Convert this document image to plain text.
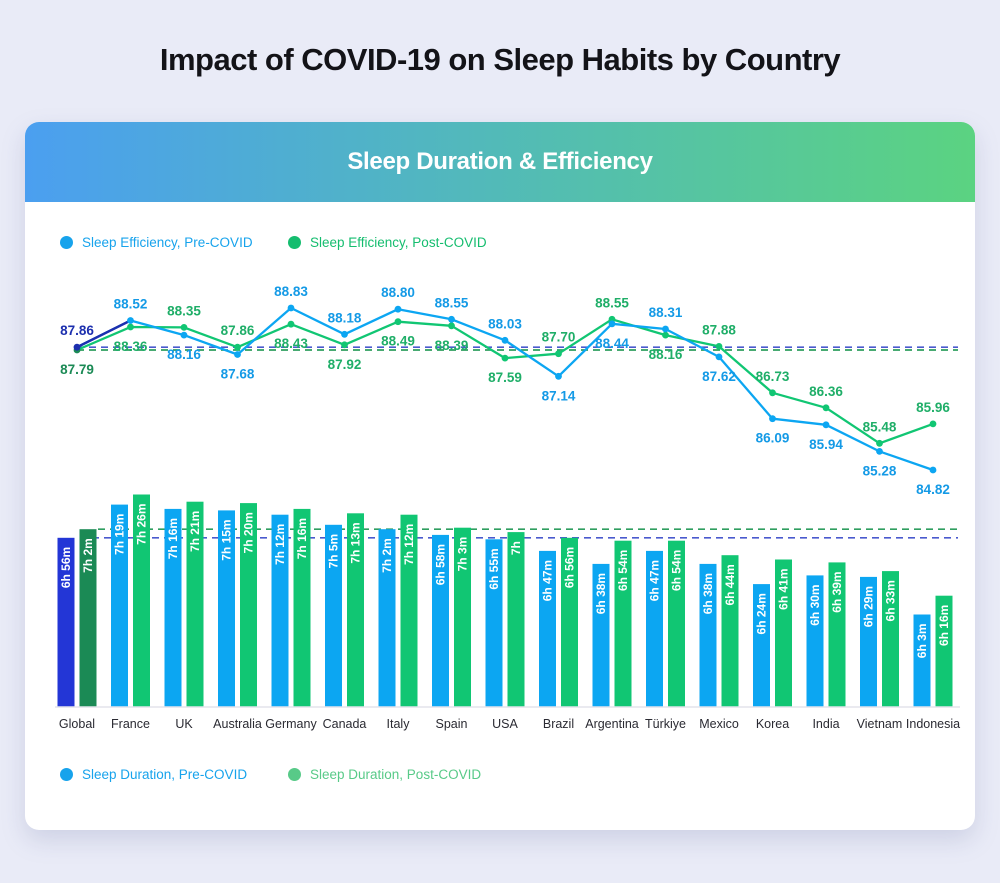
Impact of COVID-19 on Sleep Habits by Country
Sleep Duration & Efficiency
Sleep Efficiency, Pre-COVID	Sleep Efficiency, Post-COVID
87.86
87.79
88.52
88.36
88.16
88.35
87.68
87.86
88.83
88.43
88.18
87.92
88.80
88.49
88.55
88.39
88.03
87.59
87.14
87.70 88.44
88.55
88.31
88.16
87.62
87.88
86.09
86.73
85.94
86.36
85.28
85.48
84.82
85.96
6h 56m 7h 2m
7h 19m 7h 26m 7h 16m 7h 21m 7h 15m 7h 20m 7h 12m 7h 16m 7h 5m 7h 13m 7h 2m 7h 12m 6h 58m 7h 3m 6h 55m
7h
6h 47m 6h 56m
6h 38m
6h 54m 6h 47m 6h 54m
6h 38m 6h 44m
6h 24m
6h 41m 6h 30m 6h 39m 6h 29m 6h 33m
6h 3m 6h 16m
Global France UK Australia Germany Canada Italy Spain USA Brazil Argentina Türkiye Mexico Korea India Vietnam Indonesia
Sleep Duration, Pre-COVID	Sleep Duration, Post-COVID
